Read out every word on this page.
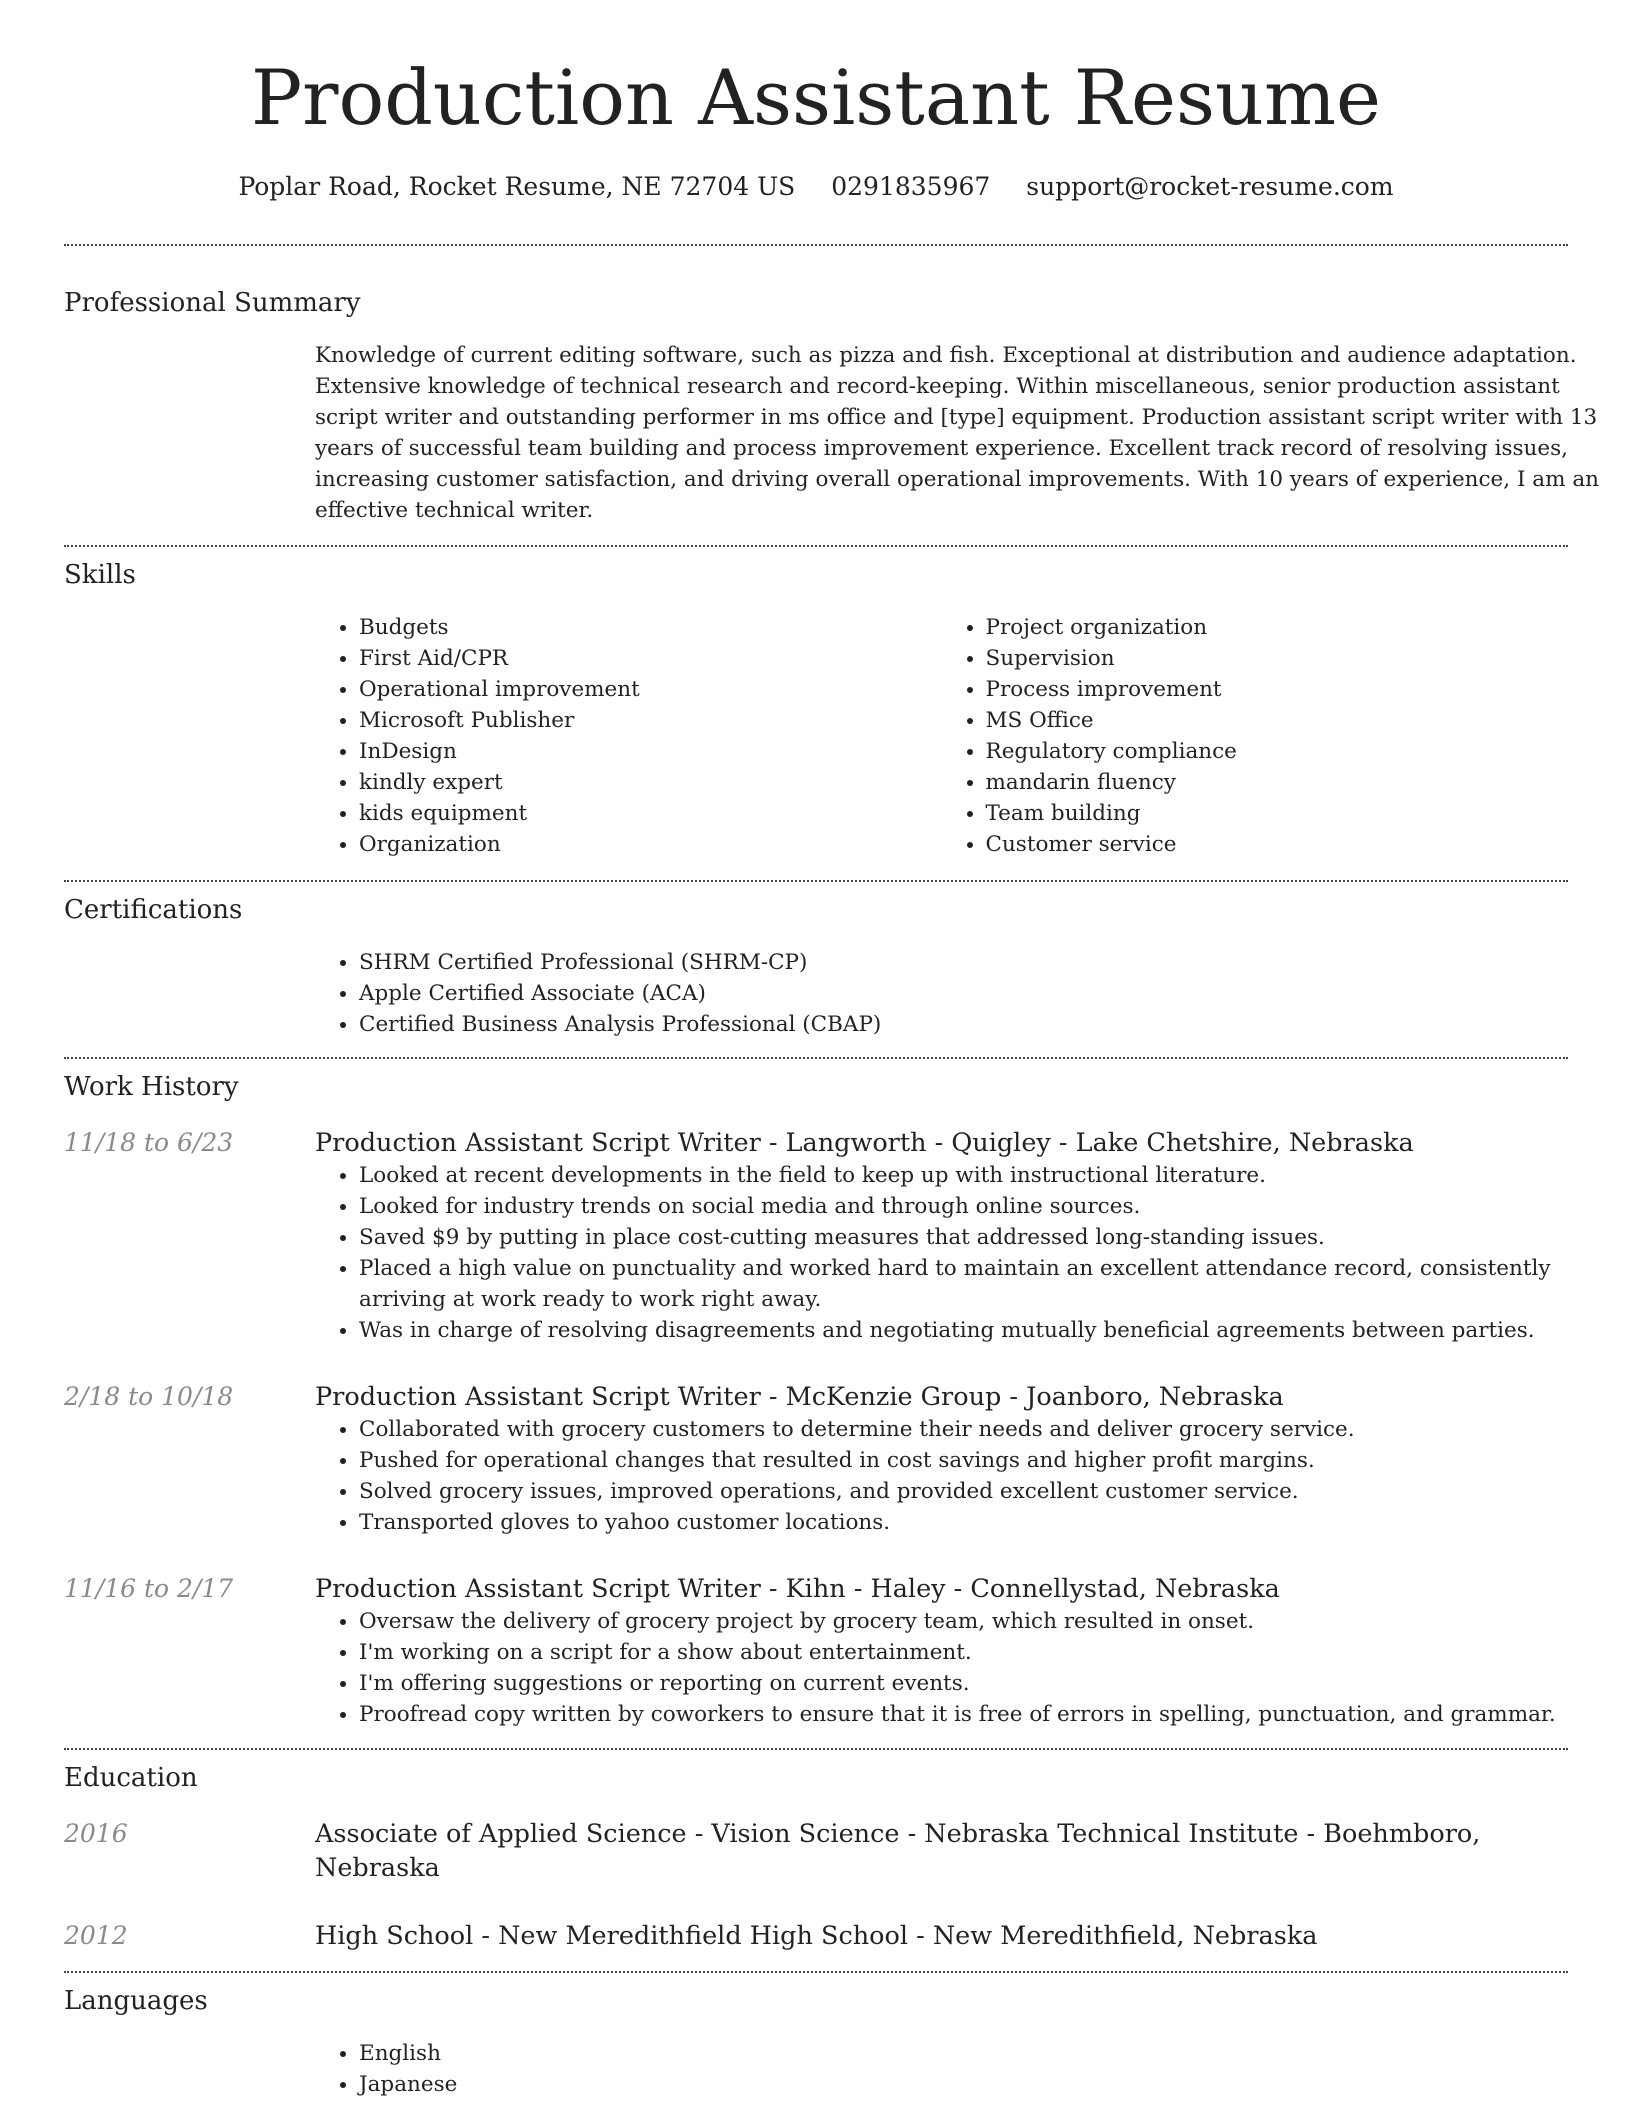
Production Assistant Resume
Poplar Road, Rocket Resume, NE 72704 US 0291835967 support@rocket-resume.com
Professional Summary

Knowledge of current editing software, such as pizza and fish. Exceptional at distribution and audience adaptation. Extensive knowledge of technical research and record-keeping. Within miscellaneous, senior production assistant script writer and outstanding performer in ms office and [type] equipment. Production assistant script writer with 13 years of successful team building and process improvement experience. Excellent track record of resolving issues, increasing customer satisfaction, and driving overall operational improvements. With 10 years of experience, I am an effective technical writer.

Skills
• Budgets
• First Aid/CPR
• Operational improvement
• Microsoft Publisher
• InDesign
• kindly expert
• kids equipment
• Organization
• Project organization
• Supervision
• Process improvement
• MS Office
• Regulatory compliance
• mandarin fluency
• Team building
• Customer service
Certifications
• SHRM Certified Professional (SHRM-CP)
• Apple Certified Associate (ACA)
• Certified Business Analysis Professional (CBAP)
Work History
11/18 to 6/23	Production Assistant Script Writer - Langworth - Quigley - Lake Chetshire, Nebraska
• Looked at recent developments in the field to keep up with instructional literature.
• Looked for industry trends on social media and through online sources.
• Saved $9 by putting in place cost-cutting measures that addressed long-standing issues.
• Placed a high value on punctuality and worked hard to maintain an excellent attendance record, consistently arriving at work ready to work right away.
• Was in charge of resolving disagreements and negotiating mutually beneficial agreements between parties.
2/18 to 10/18	Production Assistant Script Writer - McKenzie Group - Joanboro, Nebraska
• Collaborated with grocery customers to determine their needs and deliver grocery service.
• Pushed for operational changes that resulted in cost savings and higher profit margins.
• Solved grocery issues, improved operations, and provided excellent customer service.
• Transported gloves to yahoo customer locations.
11/16 to 2/17	Production Assistant Script Writer - Kihn - Haley - Connellystad, Nebraska
• Oversaw the delivery of grocery project by grocery team, which resulted in onset.
• I'm working on a script for a show about entertainment.
• I'm offering suggestions or reporting on current events.
• Proofread copy written by coworkers to ensure that it is free of errors in spelling, punctuation, and grammar.
Education
2016	Associate of Applied Science - Vision Science - Nebraska Technical Institute - Boehmboro, Nebraska
2012	High School - New Meredithfield High School - New Meredithfield, Nebraska
Languages
• English
• Japanese
